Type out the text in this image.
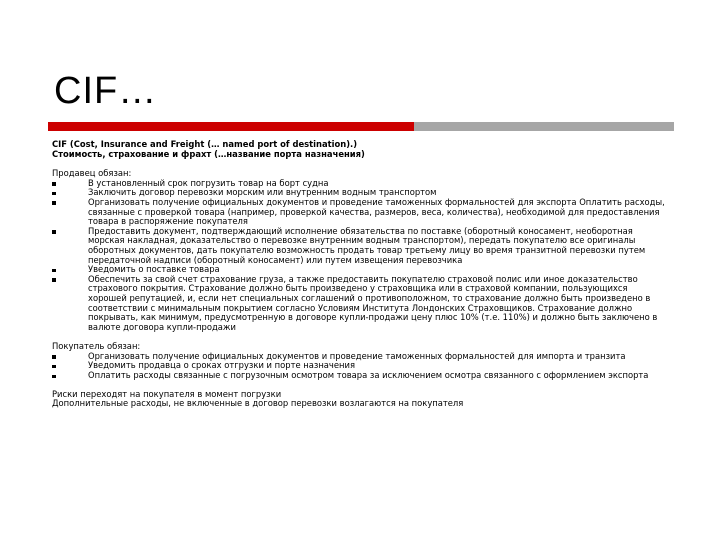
CIF…
CIF (Cost, Insurance and Freight (… named port of destination).)
Стоимость, страхование и фрахт (…название порта назначения)
Продавец обязан:
В установленный срок погрузить товар на борт судна
Заключить договор перевозки морским или внутренним водным транспортом
Организовать получение официальных документов и проведение таможенных формальностей для экспорта Оплатить расходы, связанные с проверкой товара (например, проверкой качества, размеров, веса, количества), необходимой для предоставления товара в распоряжение покупателя
Предоставить документ, подтверждающий исполнение обязательства по поставке (оборотный коносамент, необоротная морская накладная, доказательство о перевозке внутренним водным транспортом), передать покупателю все оригиналы оборотных документов, дать покупателю возможность продать товар третьему лицу во время транзитной перевозки путем передаточной надписи (оборотный коносамент) или путем извещения перевозчика
Уведомить о поставке товара
Обеспечить за свой счет страхование груза, а также предоставить покупателю страховой полис или иное доказательство страхового покрытия. Страхование должно быть произведено у страховщика или в страховой компании, пользующихся хорошей репутацией, и, если нет специальных соглашений о противоположном, то страхование должно быть произведено в соответствии с минимальным покрытием согласно Условиям Института Лондонских Страховщиков. Страхование должно покрывать, как минимум, предусмотренную в договоре купли-продажи цену плюс 10% (т.е. 110%) и должно быть заключено в валюте договора купли-продажи
Покупатель обязан:
Организовать получение официальных документов и проведение таможенных формальностей для импорта и транзита
Уведомить продавца о сроках отгрузки и порте назначения
Оплатить расходы связанные с погрузочным осмотром товара за исключением осмотра связанного с оформлением экспорта
Риски переходят на покупателя в момент погрузки
Дополнительные расходы, не включенные в договор перевозки возлагаются на покупателя
